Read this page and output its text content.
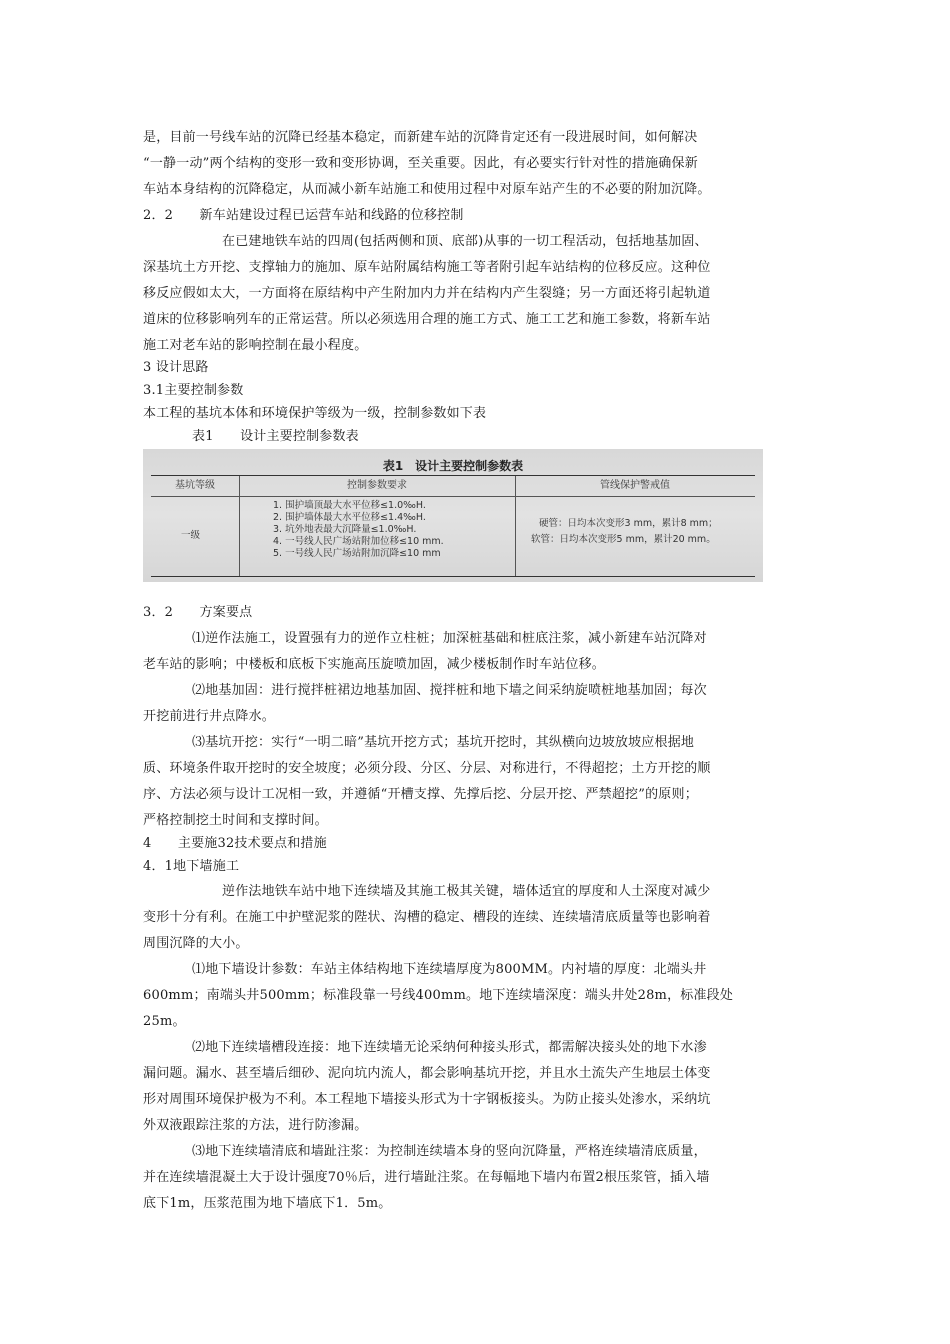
是，目前一号线车站的沉降已经基本稳定，而新建车站的沉降肯定还有一段进展时间，如何解决
“一静一动”两个结构的变形一致和变形协调，至关重要。因此，有必要实行针对性的措施确保新
车站本身结构的沉降稳定，从而减小新车站施工和使用过程中对原车站产生的不必要的附加沉降。
2．2　　新车站建设过程已运营车站和线路的位移控制
在已建地铁车站的四周(包括两侧和顶、底部)从事的一切工程活动，包括地基加固、
深基坑土方开挖、支撑轴力的施加、原车站附属结构施工等者附引起车站结构的位移反应。这种位
移反应假如太大，一方面将在原结构中产生附加内力并在结构内产生裂缝；另一方面还将引起轨道
道床的位移影响列车的正常运营。所以必须选用合理的施工方式、施工工艺和施工参数，将新车站
施工对老车站的影响控制在最小程度。
3 设计思路
3.1主要控制参数
本工程的基坑本体和环境保护等级为一级，控制参数如下表
表1　　设计主要控制参数表
表1　设计主要控制参数表
基坑等级	控制参数要求	管线保护警戒值
一级
1. 围护墙顶最大水平位移≤1.0‰H.
2. 围护墙体最大水平位移≤1.4‰H.
3. 坑外地表最大沉降量≤1.0‰H.
4. 一号线人民广场站附加位移≤10 mm.
5. 一号线人民广场站附加沉降≤10 mm
硬管：日均本次变形3 mm，累计8 mm；
软管：日均本次变形5 mm，累计20 mm。
3．2　　方案要点
⑴逆作法施工，设置强有力的逆作立柱桩；加深桩基础和桩底注浆，减小新建车站沉降对
老车站的影响；中楼板和底板下实施高压旋喷加固，减少楼板制作时车站位移。
⑵地基加固：进行搅拌桩裙边地基加固、搅拌桩和地下墙之间采纳旋喷桩地基加固；每次
开挖前进行井点降水。
⑶基坑开挖：实行“一明二暗”基坑开挖方式；基坑开挖时，其纵横向边坡放坡应根据地
质、环境条件取开挖时的安全坡度；必须分段、分区、分层、对称进行，不得超挖；土方开挖的顺
序、方法必须与设计工况相一致，并遵循“开槽支撑、先撑后挖、分层开挖、严禁超挖”的原则；
严格控制挖土时间和支撑时间。
4　　主要施32技术要点和措施
4．1地下墙施工
逆作法地铁车站中地下连续墙及其施工极其关键，墙体适宜的厚度和人土深度对减少
变形十分有利。在施工中护壁泥浆的陛状、沟槽的稳定、槽段的连续、连续墙清底质量等也影响着
周围沉降的大小。
⑴地下墙设计参数：车站主体结构地下连续墙厚度为800MM。内衬墙的厚度：北端头井
600mm；南端头井500mm；标准段靠一号线400mm。地下连续墙深度：端头井处28m，标准段处
25m。
⑵地下连续墙槽段连接：地下连续墙无论采纳何种接头形式，都需解决接头处的地下水渗
漏问题。漏水、甚至墙后细砂、泥向坑内流人，都会影响基坑开挖，并且水土流失产生地层土体变
形对周围环境保护极为不利。本工程地下墙接头形式为十字钢板接头。为防止接头处渗水，采纳坑
外双液跟踪注浆的方法，进行防渗漏。
⑶地下连续墙清底和墙趾注浆：为控制连续墙本身的竖向沉降量，严格连续墙清底质量，
并在连续墙混凝土大于设计强度70％后，进行墙趾注浆。在每幅地下墙内布置2根压浆管，插入墙
底下1m，压浆范围为地下墙底下1．5m。
